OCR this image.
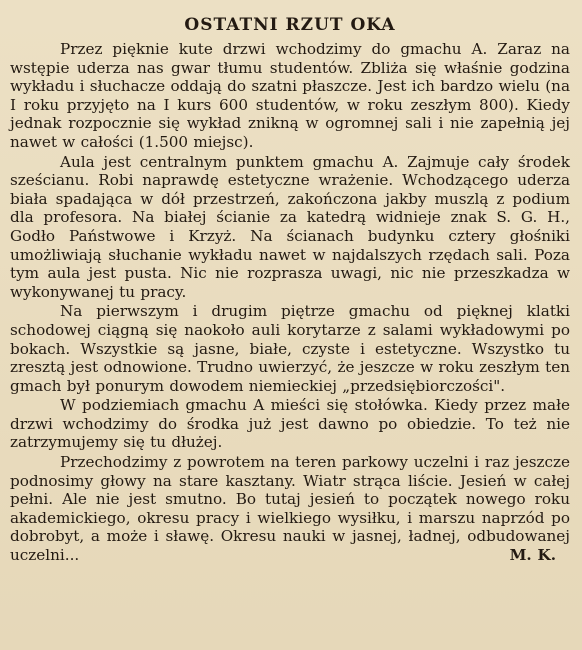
OSTATNI RZUT OKA

Przez pięknie kute drzwi wchodzimy do gmachu A. Zaraz na wstępie uderza nas gwar tłumu studentów. Zbliża się właśnie godzina wykładu i słuchacze oddają do szatni płaszcze. Jest ich bardzo wielu (na I roku przyjęto na I kurs 600 studentów, w roku zeszłym 800). Kiedy jednak rozpocznie się wykład znikną w ogromnej sali i nie zapełnią jej nawet w całości (1.500 miejsc).

Aula jest centralnym punktem gmachu A. Zajmuje cały środek sześcianu. Robi naprawdę estetyczne wrażenie. Wchodzącego uderza biała spadająca w dół przestrzeń, zakończona jakby muszlą z podium dla profesora. Na białej ścianie za katedrą widnieje znak S. G. H., Godło Państwowe i Krzyż. Na ścianach budynku cztery głośniki umożliwiają słuchanie wykładu nawet w najdalszych rzędach sali. Poza tym aula jest pusta. Nic nie rozprasza uwagi, nic nie przeszkadza w wykonywanej tu pracy.

Na pierwszym i drugim piętrze gmachu od pięknej klatki schodowej ciągną się naokoło auli korytarze z salami wykładowymi po bokach. Wszystkie są jasne, białe, czyste i estetyczne. Wszystko tu zresztą jest odnowione. Trudno uwierzyć, że jeszcze w roku zeszłym ten gmach był ponurym dowodem niemieckiej „przedsiębiorczości".

W podziemiach gmachu A mieści się stołówka. Kiedy przez małe drzwi wchodzimy do środka już jest dawno po obiedzie. To też nie zatrzymujemy się tu dłużej.

Przechodzimy z powrotem na teren parkowy uczelni i raz jeszcze podnosimy głowy na stare kasztany. Wiatr strąca liście. Jesień w całej pełni. Ale nie jest smutno. Bo tutaj jesień to początek nowego roku akademickiego, okresu pracy i wielkiego wysiłku, i marszu naprzód po dobrobyt, a może i sławę. Okresu nauki w jasnej, ładnej, odbudowanej uczelni...	M. K.
